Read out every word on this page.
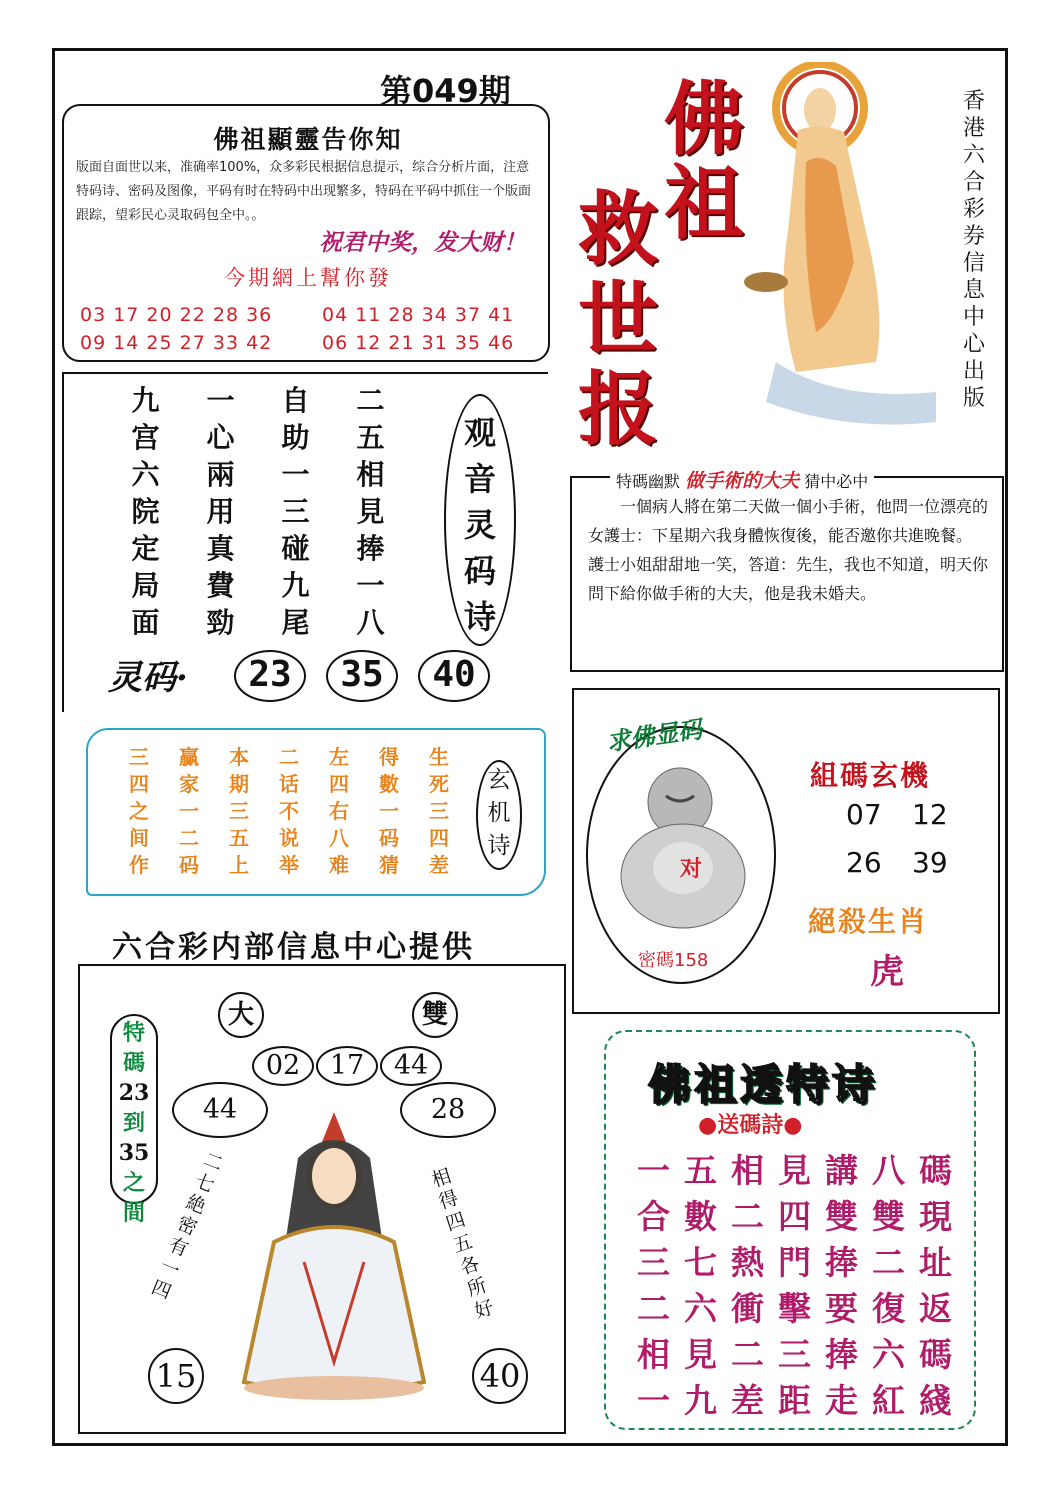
第049期
佛祖顯靈告你知
版面自面世以来，准确率100%，众多彩民根据信息提示，综合分析片面，注意特码诗、密码及图像，平码有时在特码中出现繁多，特码在平码中抓住一个版面跟踪，望彩民心灵取码包全中。。
祝君中奖，发大财！
今期網上幫你發
03 17 20 22 28 36	04 11 28 34 37 41
09 14 25 27 33 42	06 12 21 31 35 46
九	一	自	二
宫	心	助	五
六	兩	一	相
院	用	三	見
定	真	碰	捧
局	費	九	一
面	勁	尾	八
观音灵码诗
灵码·	23	35	40
佛
祖
救
世
报
香港六合彩券信息中心出版
特碼幽默 做手術的大夫 猜中必中

一個病人將在第二天做一個小手術，他問一位漂亮的女護士：下星期六我身體恢復後，能否邀你共進晚餐。

護士小姐甜甜地一笑，答道：先生，我也不知道，明天你問下給你做手術的大夫，他是我未婚夫。

对
求佛显码
密碼158
組碼玄機
07 12
26 39
絕殺生肖
虎
三	贏	本	二	左	得	生
四	家	期	话	四	數	死
之	一	三	不	右	一	三
间	二	五	说	八	码	四
作	码	上	举	难	猜	差
玄机诗
六合彩内部信息中心提供
大	雙
02	17	44
44	28
特
碼
23
到
35
之
間
二七絶密有一四
相得四五各所好
15	40
佛祖透特诗
●送碼詩●
一 五 相 見 講 八 碼
合 數 二 四 雙 雙 現
三 七 熱 門 捧 二 址
二 六 衝 擊 要 復 返
相 見 二 三 捧 六 碼
一 九 差 距 走 紅 綫
